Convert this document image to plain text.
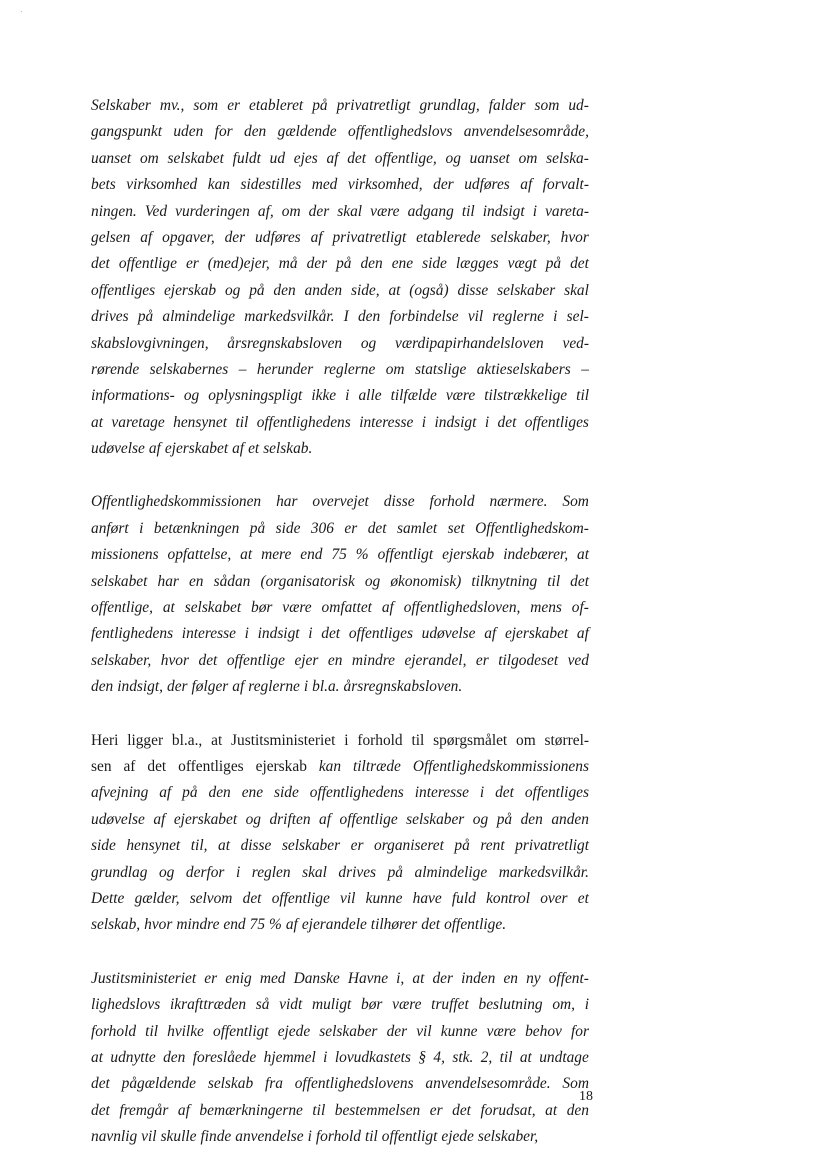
Selskaber mv., som er etableret på privatretligt grundlag, falder som ud-
gangspunkt uden for den gældende offentlighedslovs anvendelsesområde,
uanset om selskabet fuldt ud ejes af det offentlige, og uanset om selska-
bets virksomhed kan sidestilles med virksomhed, der udføres af forvalt-
ningen. Ved vurderingen af, om der skal være adgang til indsigt i vareta-
gelsen af opgaver, der udføres af privatretligt etablerede selskaber, hvor
det offentlige er (med)ejer, må der på den ene side lægges vægt på det
offentliges ejerskab og på den anden side, at (også) disse selskaber skal
drives på almindelige markedsvilkår. I den forbindelse vil reglerne i sel-
skabslovgivningen, årsregnskabsloven og værdipapirhandelsloven ved-
rørende selskabernes – herunder reglerne om statslige aktieselskabers –
informations- og oplysningspligt ikke i alle tilfælde være tilstrækkelige til
at varetage hensynet til offentlighedens interesse i indsigt i det offentliges
udøvelse af ejerskabet af et selskab.
Offentlighedskommissionen har overvejet disse forhold nærmere. Som
anført i betænkningen på side 306 er det samlet set Offentlighedskom-
missionens opfattelse, at mere end 75 % offentligt ejerskab indebærer, at
selskabet har en sådan (organisatorisk og økonomisk) tilknytning til det
offentlige, at selskabet bør være omfattet af offentlighedsloven, mens of-
fentlighedens interesse i indsigt i det offentliges udøvelse af ejerskabet af
selskaber, hvor det offentlige ejer en mindre ejerandel, er tilgodeset ved
den indsigt, der følger af reglerne i bl.a. årsregnskabsloven.
Heri ligger bl.a., at Justitsministeriet i forhold til spørgsmålet om størrel-
sen af det offentliges ejerskab kan tiltræde Offentlighedskommissionens
afvejning af på den ene side offentlighedens interesse i det offentliges
udøvelse af ejerskabet og driften af offentlige selskaber og på den anden
side hensynet til, at disse selskaber er organiseret på rent privatretligt
grundlag og derfor i reglen skal drives på almindelige markedsvilkår.
Dette gælder, selvom det offentlige vil kunne have fuld kontrol over et
selskab, hvor mindre end 75 % af ejerandele tilhører det offentlige.
Justitsministeriet er enig med Danske Havne i, at der inden en ny offent-
lighedslovs ikrafttræden så vidt muligt bør være truffet beslutning om, i
forhold til hvilke offentligt ejede selskaber der vil kunne være behov for
at udnytte den foreslåede hjemmel i lovudkastets § 4, stk. 2, til at undtage
det pågældende selskab fra offentlighedslovens anvendelsesområde. Som
det fremgår af bemærkningerne til bestemmelsen er det forudsat, at den
navnlig vil skulle finde anvendelse i forhold til offentligt ejede selskaber,
18
